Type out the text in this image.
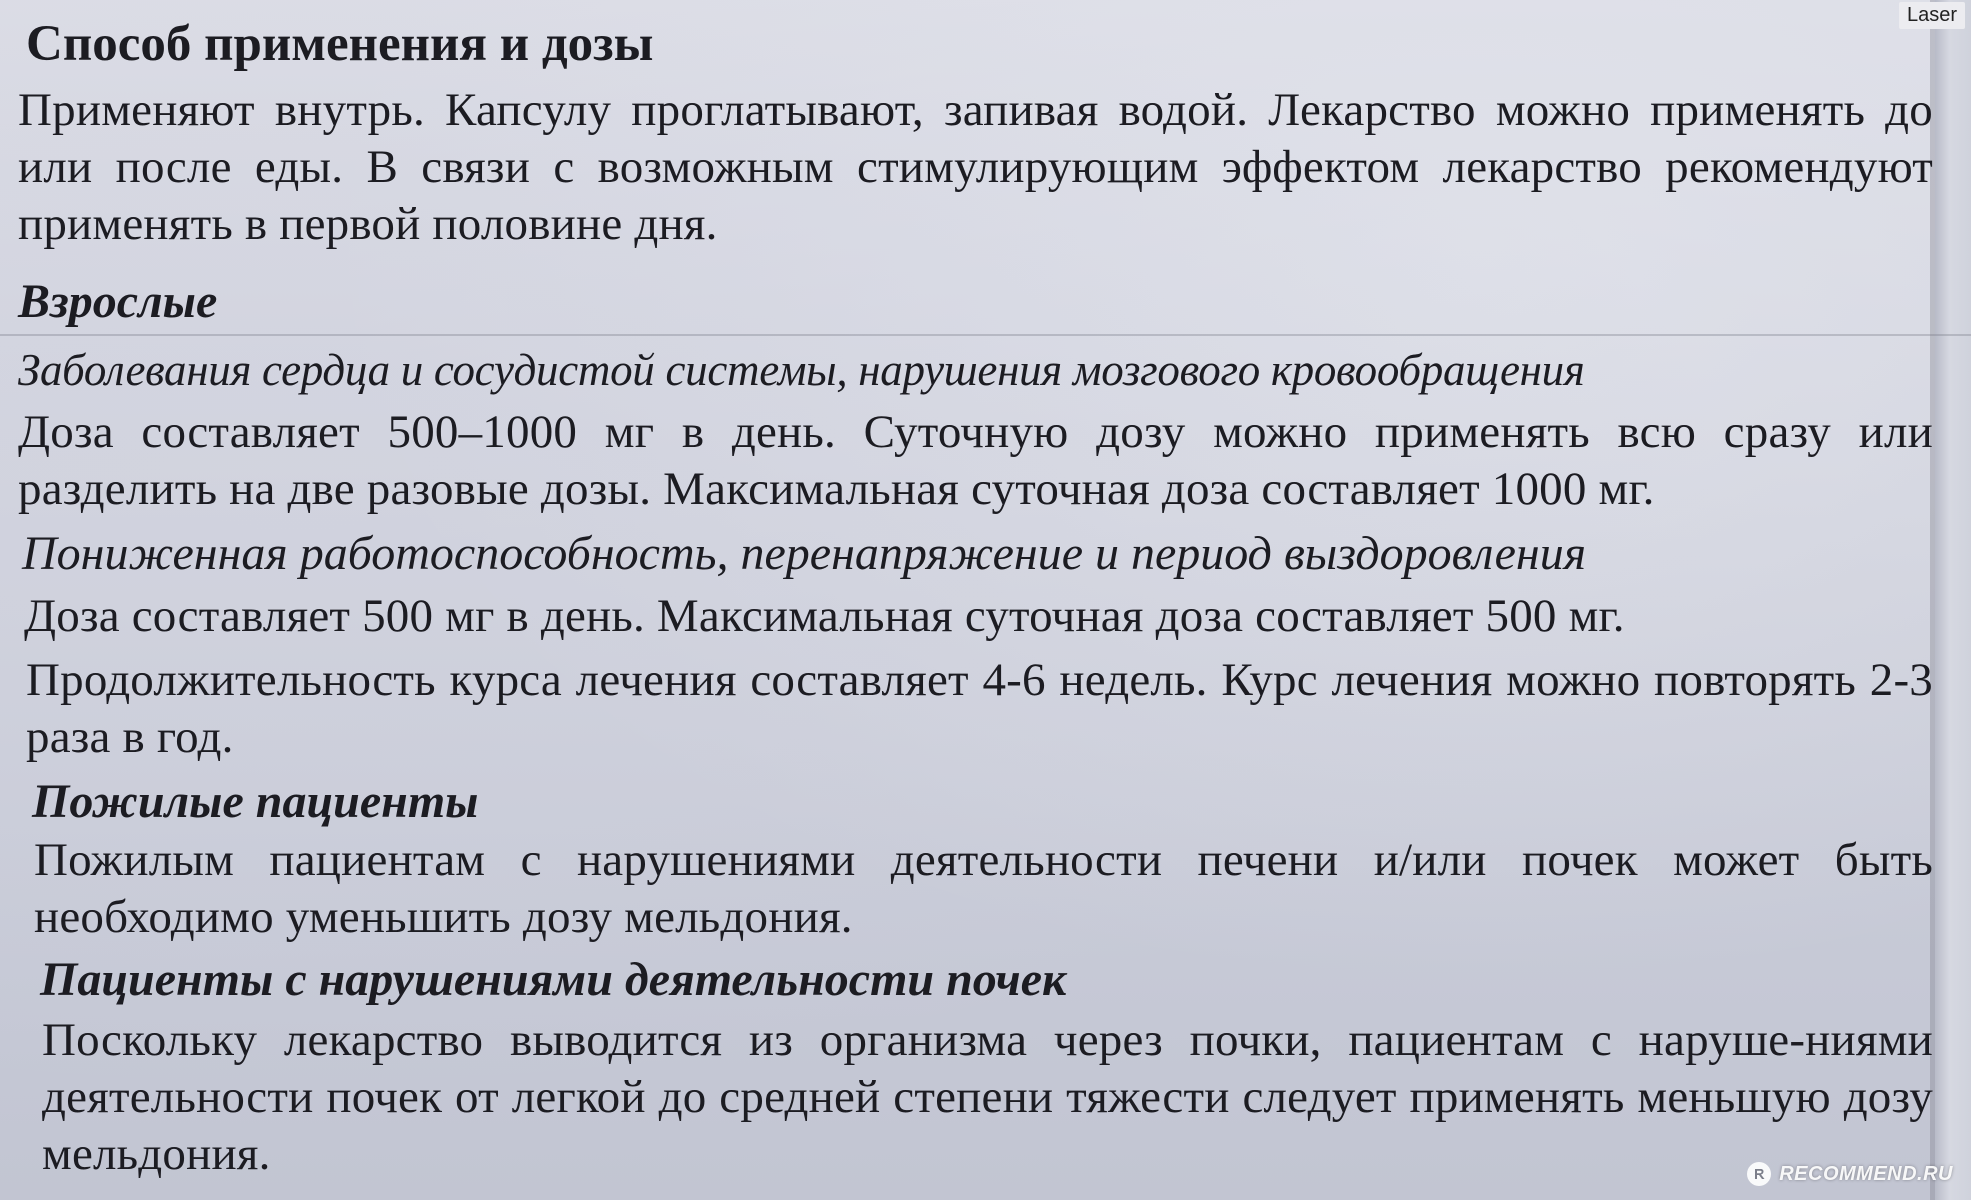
Способ применения и дозы

Применяют внутрь. Капсулу проглатывают, запивая водой. Лекарство можно применять до или после еды. В связи с возможным стимулирующим эффектом лекарство рекомендуют применять в первой половине дня.

Взрослые

Заболевания сердца и сосудистой системы, нарушения мозгового кровообращения

Доза составляет 500–1000 мг в день. Суточную дозу можно применять всю сразу или разделить на две разовые дозы. Максимальная суточная доза составляет 1000 мг.

Пониженная работоспособность, перенапряжение и период выздоровления

Доза составляет 500 мг в день. Максимальная суточная доза составляет 500 мг.

Продолжительность курса лечения составляет 4-6 недель. Курс лечения можно повторять 2-3 раза в год.

Пожилые пациенты

Пожилым пациентам с нарушениями деятельности печени и/или почек может быть необходимо уменьшить дозу мельдония.

Пациенты с нарушениями деятельности почек

Поскольку лекарство выводится из организма через почки, пациентам с наруше-ниями деятельности почек от легкой до средней степени тяжести следует применять меньшую дозу мельдония.

Laser
RECOMMEND.RU
